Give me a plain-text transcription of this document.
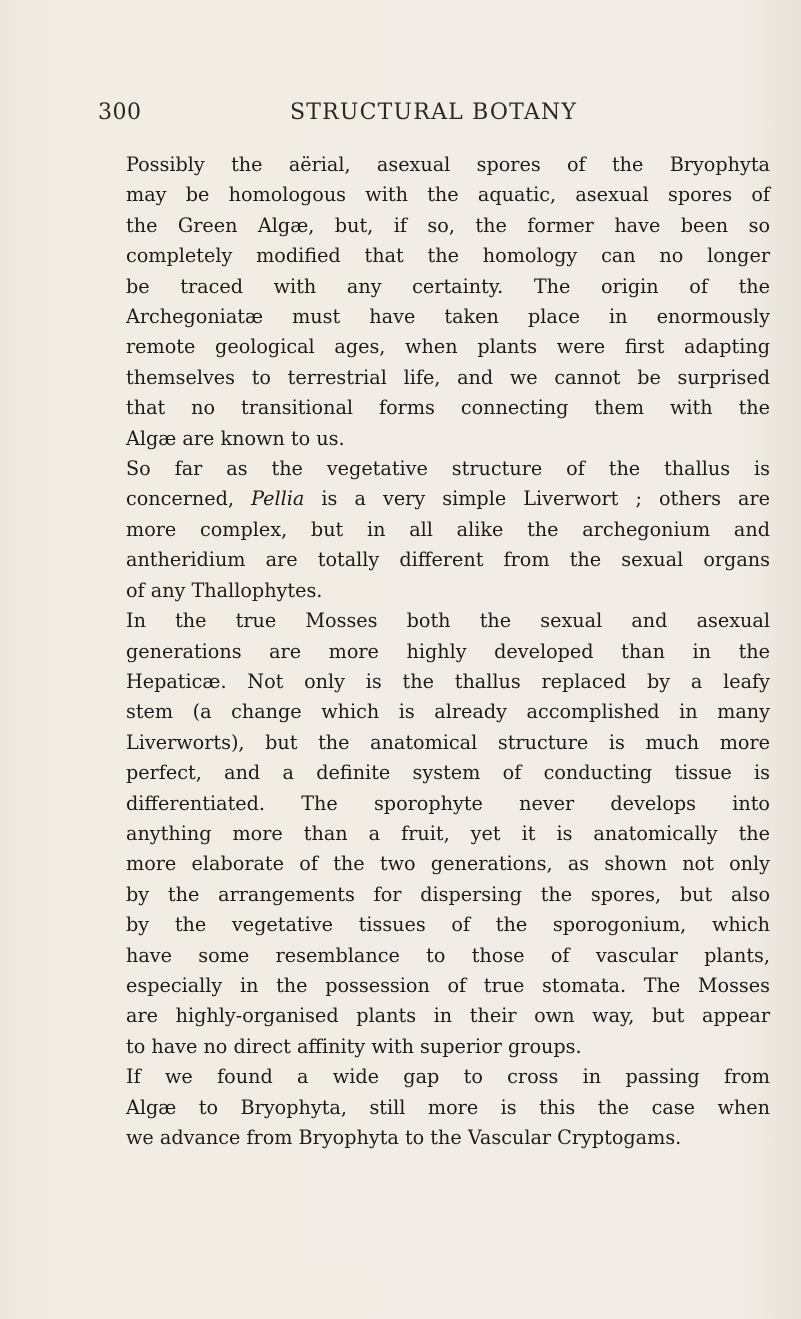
300	STRUCTURAL BOTANY

Possibly the aërial, asexual spores of the Bryophyta
may be homologous with the aquatic, asexual spores of
the Green Algæ, but, if so, the former have been so
completely modified that the homology can no longer
be traced with any certainty. The origin of the
Archegoniatæ must have taken place in enormously
remote geological ages, when plants were first adapting
themselves to terrestrial life, and we cannot be surprised
that no transitional forms connecting them with the
Algæ are known to us.

So far as the vegetative structure of the thallus is
concerned, Pellia is a very simple Liverwort ; others are
more complex, but in all alike the archegonium and
antheridium are totally different from the sexual organs
of any Thallophytes.

In the true Mosses both the sexual and asexual
generations are more highly developed than in the
Hepaticæ. Not only is the thallus replaced by a leafy
stem (a change which is already accomplished in many
Liverworts), but the anatomical structure is much more
perfect, and a definite system of conducting tissue is
differentiated. The sporophyte never develops into
anything more than a fruit, yet it is anatomically the
more elaborate of the two generations, as shown not only
by the arrangements for dispersing the spores, but also
by the vegetative tissues of the sporogonium, which
have some resemblance to those of vascular plants,
especially in the possession of true stomata. The Mosses
are highly-organised plants in their own way, but appear
to have no direct affinity with superior groups.

If we found a wide gap to cross in passing from
Algæ to Bryophyta, still more is this the case when
we advance from Bryophyta to the Vascular Cryptogams.
